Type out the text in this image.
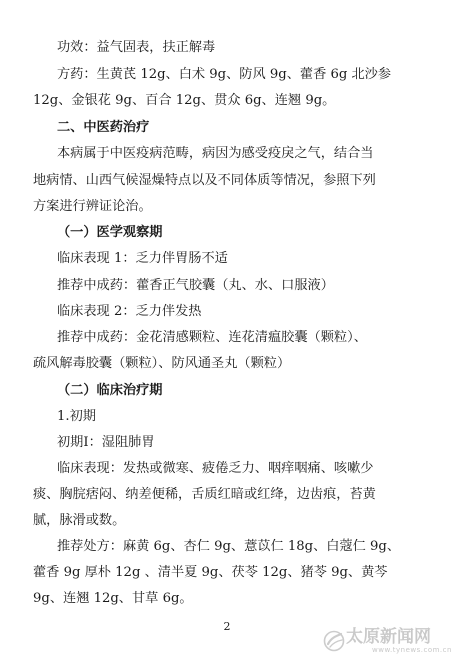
功效：益气固表，扶正解毒
方药：生黄芪 12g、白术 9g、防风 9g、藿香 6g 北沙参
12g、金银花 9g、百合 12g、贯众 6g、连翘 9g。
二、中医药治疗
本病属于中医疫病范畴，病因为感受疫戾之气，结合当
地病情、山西气候湿燥特点以及不同体质等情况，参照下列
方案进行辨证论治。
（一）医学观察期
临床表现 1：乏力伴胃肠不适
推荐中成药：藿香正气胶囊（丸、水、口服液）
临床表现 2：乏力伴发热
推荐中成药：金花清感颗粒、连花清瘟胶囊（颗粒）、
疏风解毒胶囊（颗粒）、防风通圣丸（颗粒）
（二）临床治疗期
1.初期
初期Ⅰ：湿阻肺胃
临床表现：发热或微寒、疲倦乏力、咽痒咽痛、咳嗽少
痰、胸脘痞闷、纳差便稀，舌质红暗或红绛，边齿痕，苔黄
腻，脉滑或数。
推荐处方：麻黄 6g、杏仁 9g、薏苡仁 18g、白蔻仁 9g、
藿香 9g 厚朴 12g 、清半夏 9g、茯苓 12g、猪苓 9g、黄芩
9g、连翘 12g、甘草 6g。
2
太原新闻网
www.tynews.com.cn
